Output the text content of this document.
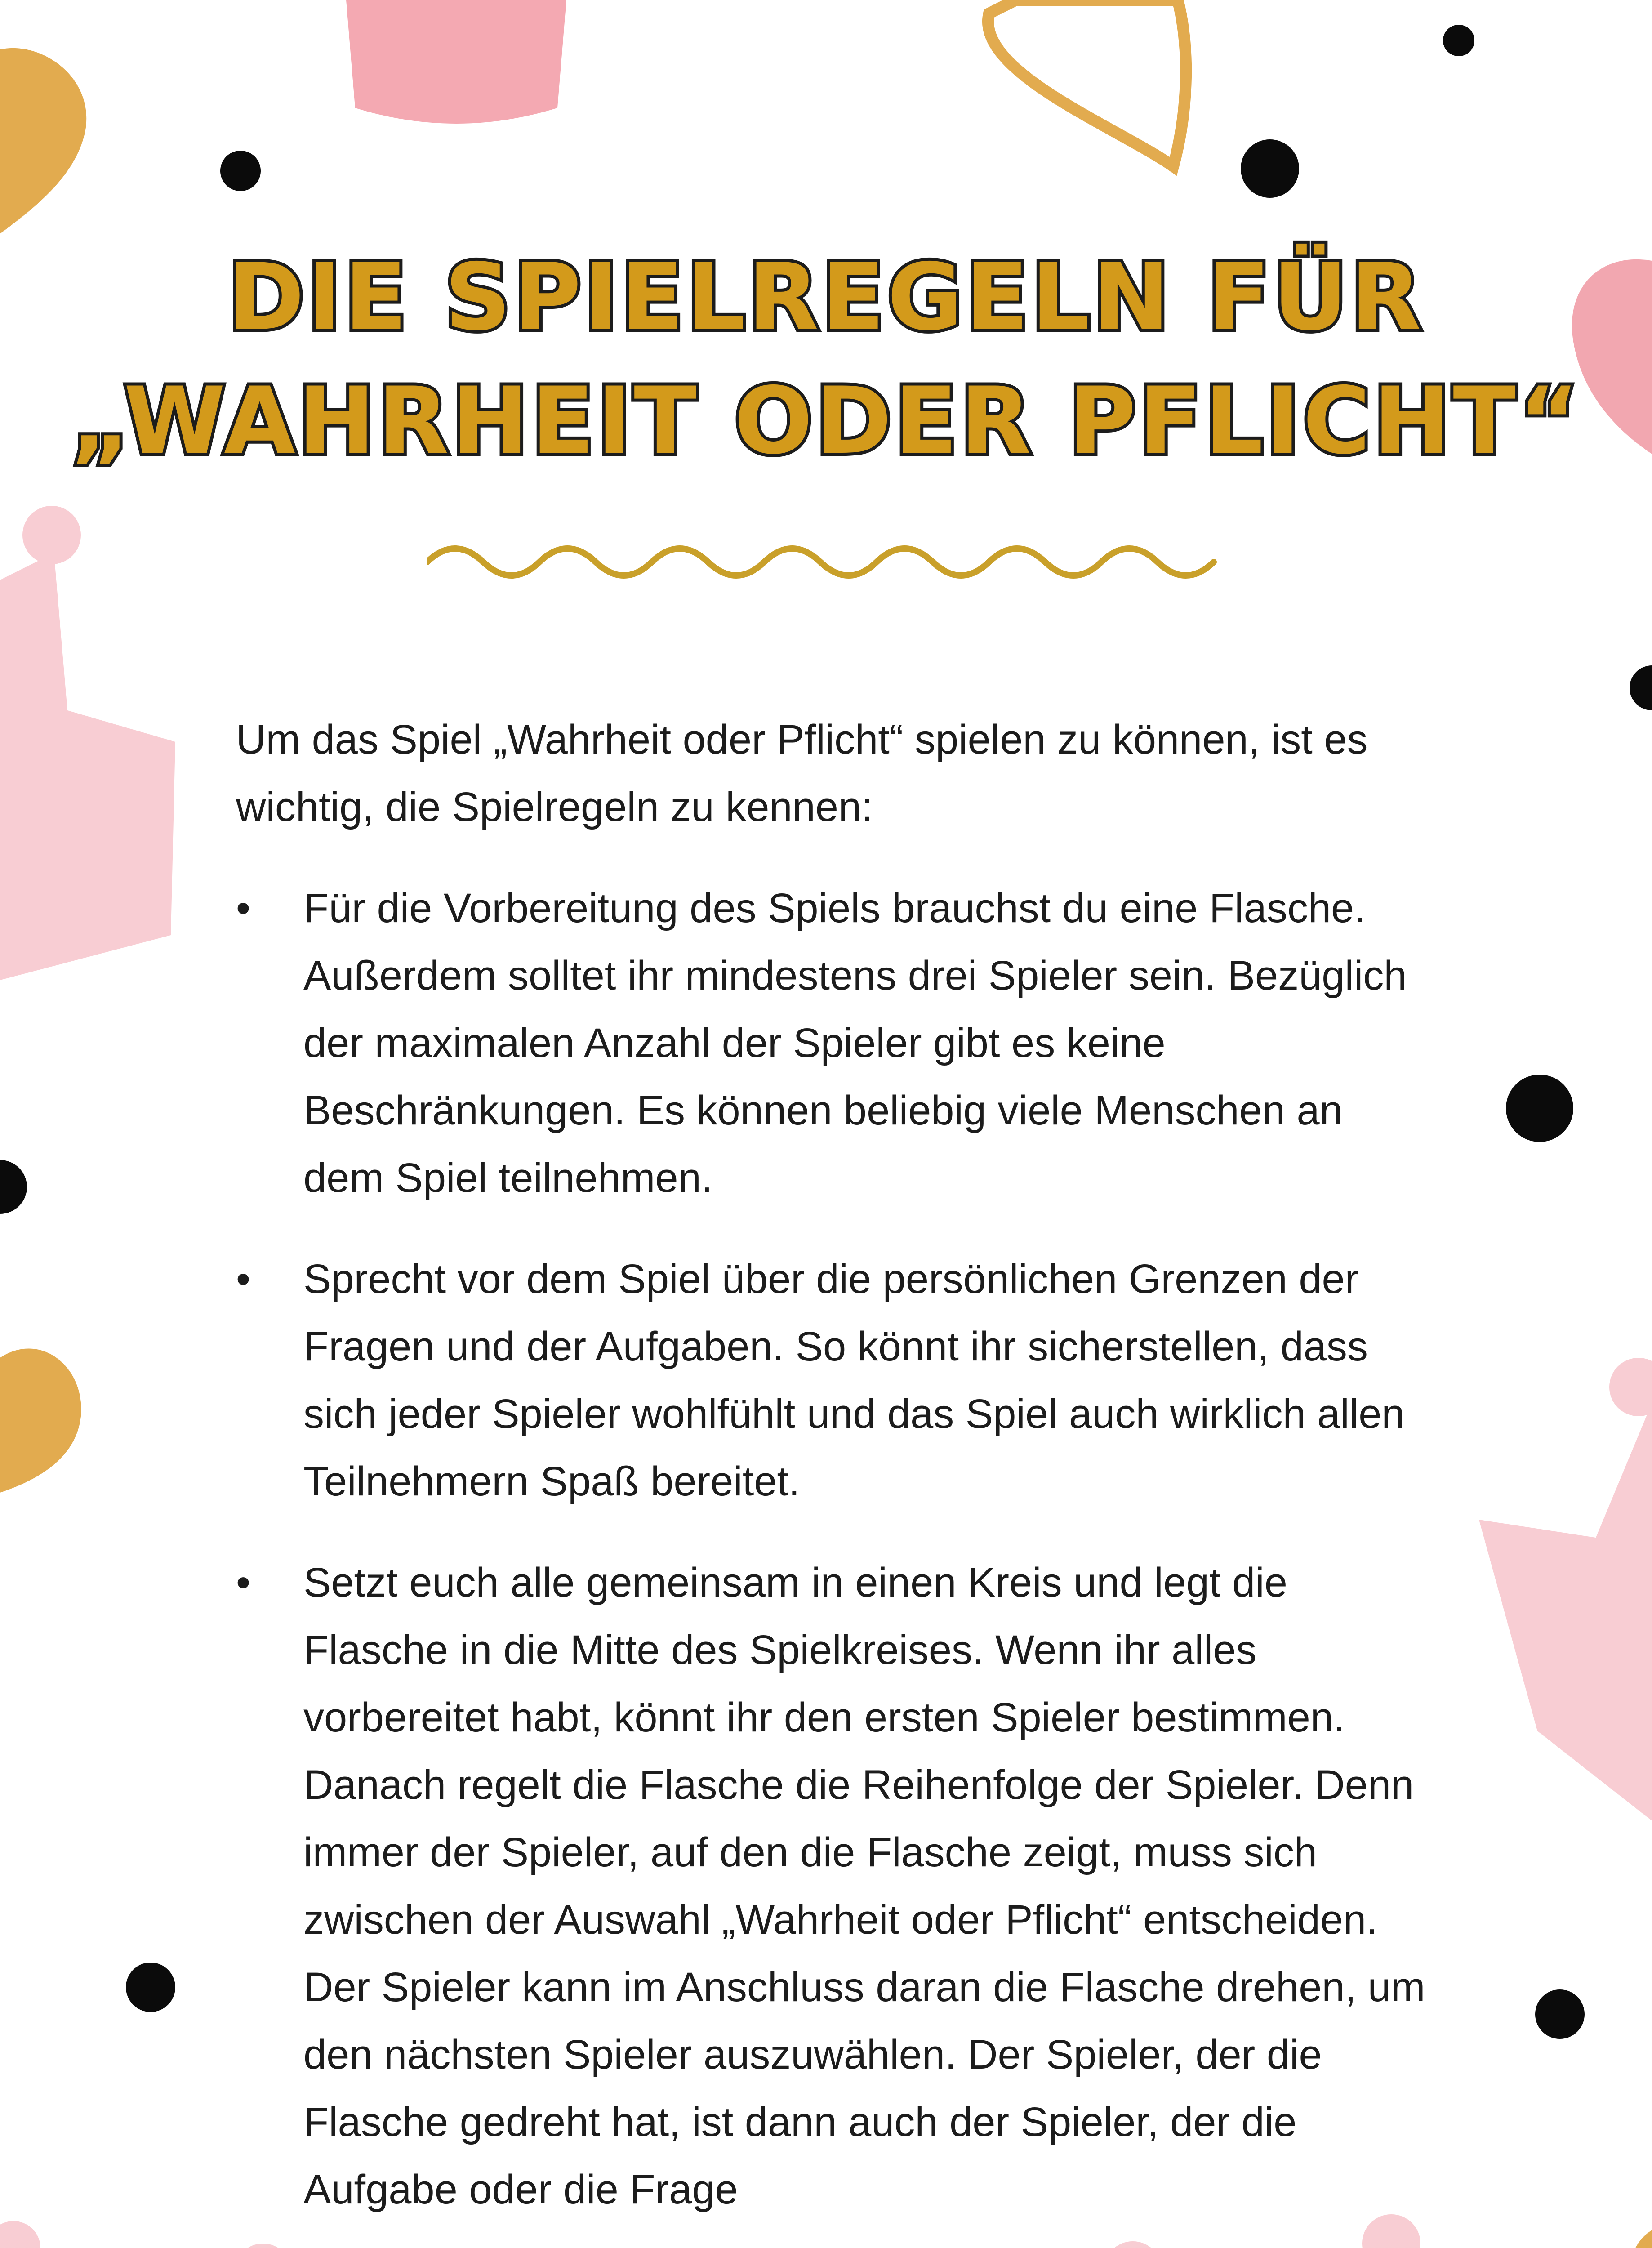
DIE SPIELREGELN FÜR
„WAHRHEIT ODER PFLICHT“

Um das Spiel „Wahrheit oder Pflicht“ spielen zu können, ist es wichtig, die Spielregeln zu kennen:

• Für die Vorbereitung des Spiels brauchst du eine Flasche. Außerdem solltet ihr mindestens drei Spieler sein. Bezüglich der maximalen Anzahl der Spieler gibt es keine Beschränkungen. Es können beliebig viele Menschen an dem Spiel teilnehmen.
• Sprecht vor dem Spiel über die persönlichen Grenzen der Fragen und der Aufgaben. So könnt ihr sicherstellen, dass sich jeder Spieler wohlfühlt und das Spiel auch wirklich allen Teilnehmern Spaß bereitet.
• Setzt euch alle gemeinsam in einen Kreis und legt die Flasche in die Mitte des Spielkreises. Wenn ihr alles vorbereitet habt, könnt ihr den ersten Spieler bestimmen. Danach regelt die Flasche die Reihenfolge der Spieler. Denn immer der Spieler, auf den die Flasche zeigt, muss sich zwischen der Auswahl „Wahrheit oder Pflicht“ entscheiden. Der Spieler kann im Anschluss daran die Flasche drehen, um den nächsten Spieler auszuwählen. Der Spieler, der die Flasche gedreht hat, ist dann auch der Spieler, der die Aufgabe oder die Frage
